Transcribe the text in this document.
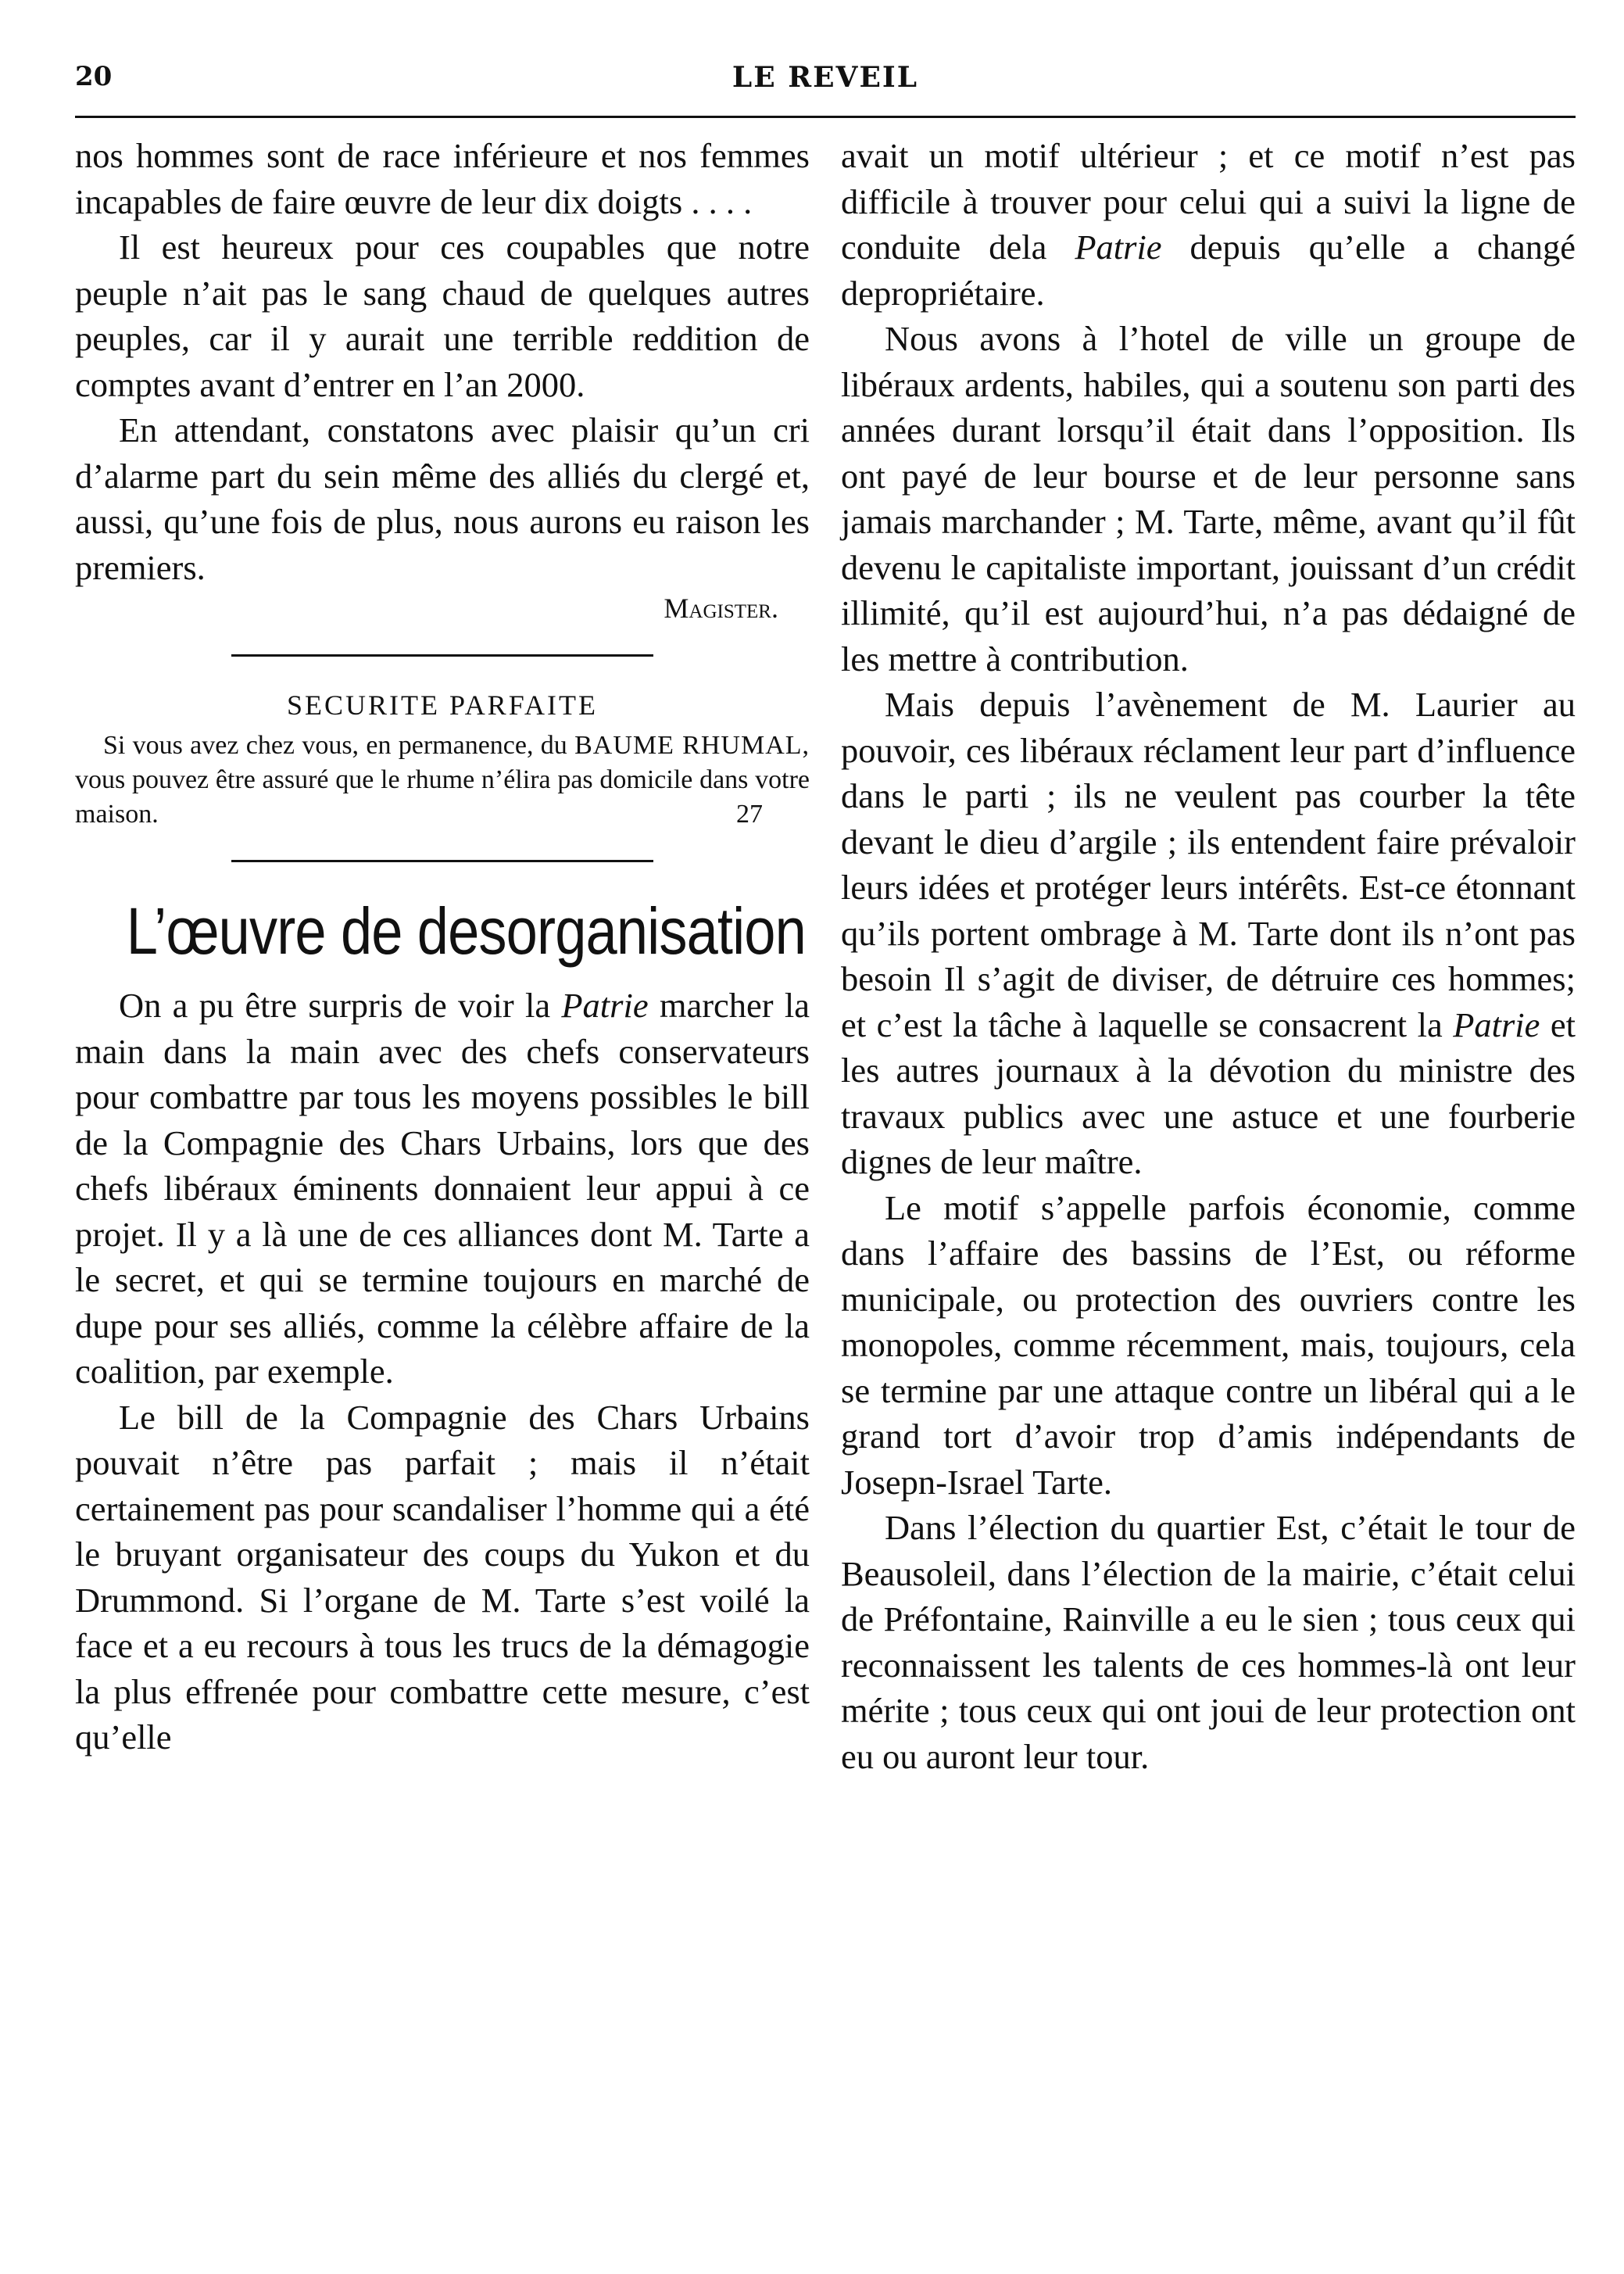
20	LE REVEIL

nos hommes sont de race inférieure et nos femmes incapables de faire œuvre de leur dix doigts . . . .

Il est heureux pour ces coupables que notre peuple n’ait pas le sang chaud de quelques autres peuples, car il y aurait une terrible reddition de comptes avant d’entrer en l’an 2000.

En attendant, constatons avec plaisir qu’un cri d’alarme part du sein même des alliés du clergé et, aussi, qu’une fois de plus, nous aurons eu raison les premiers.

Magister.

SECURITE PARFAITE
Si vous avez chez vous, en permanence, du BAUME RHUMAL, vous pouvez être assuré que le rhume n’élira pas domicile dans votre maison.	27
L’œuvre de desorganisation

On a pu être surpris de voir la Patrie marcher la main dans la main avec des chefs conservateurs pour combattre par tous les moyens possibles le bill de la Compagnie des Chars Urbains, lors que des chefs libéraux éminents donnaient leur appui à ce projet. Il y a là une de ces alliances dont M. Tarte a le secret, et qui se termine toujours en marché de dupe pour ses alliés, comme la célèbre affaire de la coalition, par exemple.

Le bill de la Compagnie des Chars Urbains pouvait n’être pas parfait ; mais il n’était certainement pas pour scandaliser l’homme qui a été le bruyant organisateur des coups du Yukon et du Drummond. Si l’organe de M. Tarte s’est voilé la face et a eu recours à tous les trucs de la démagogie la plus effrenée pour combattre cette mesure, c’est qu’elle

avait un motif ultérieur ; et ce motif n’est pas difficile à trouver pour celui qui a suivi la ligne de conduite dela Patrie depuis qu’elle a changé depropriétaire.

Nous avons à l’hotel de ville un groupe de libéraux ardents, habiles, qui a soutenu son parti des années durant lorsqu’il était dans l’opposition. Ils ont payé de leur bourse et de leur personne sans jamais marchander ; M. Tarte, même, avant qu’il fût devenu le capitaliste important, jouissant d’un crédit illimité, qu’il est aujourd’hui, n’a pas dédaigné de les mettre à contribution.

Mais depuis l’avènement de M. Laurier au pouvoir, ces libéraux réclament leur part d’influence dans le parti ; ils ne veulent pas courber la tête devant le dieu d’argile ; ils entendent faire prévaloir leurs idées et protéger leurs intérêts. Est-ce étonnant qu’ils portent ombrage à M. Tarte dont ils n’ont pas besoin Il s’agit de diviser, de détruire ces hommes; et c’est la tâche à laquelle se consacrent la Patrie et les autres journaux à la dévotion du ministre des travaux publics avec une astuce et une fourberie dignes de leur maître.

Le motif s’appelle parfois économie, comme dans l’affaire des bassins de l’Est, ou réforme municipale, ou protection des ouvriers contre les monopoles, comme récemment, mais, toujours, cela se termine par une attaque contre un libéral qui a le grand tort d’avoir trop d’amis indépendants de Josepn-Israel Tarte.

Dans l’élection du quartier Est, c’était le tour de Beausoleil, dans l’élection de la mairie, c’était celui de Préfontaine, Rainville a eu le sien ; tous ceux qui reconnaissent les talents de ces hommes-là ont leur mérite ; tous ceux qui ont joui de leur protection ont eu ou auront leur tour.
